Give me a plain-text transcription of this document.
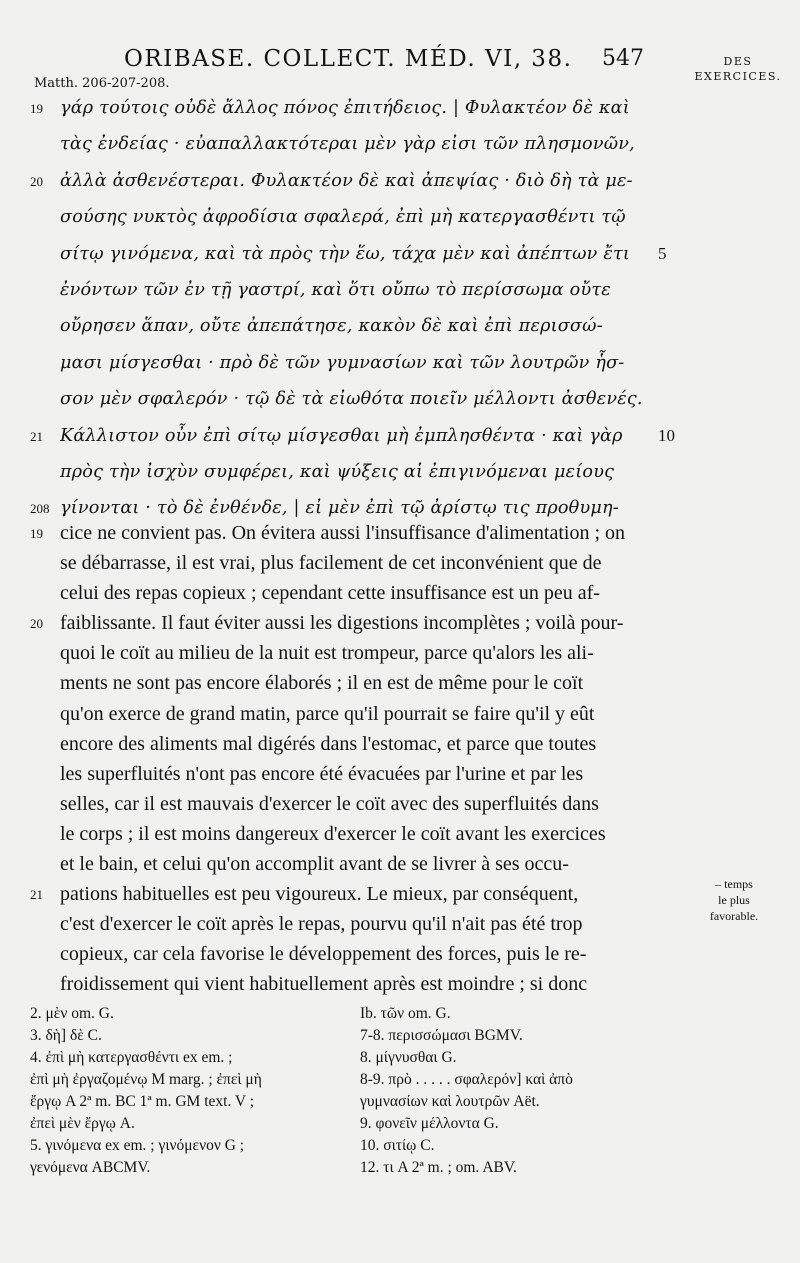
ORIBASE. COLLECT. MÉD. VI, 38. 547
Matth. 206-207-208.
DES
EXERCICES.
γάρ τούτοις οὐδὲ ἄλλος πόνος ἐπιτήδειος. | Φυλακτέον δὲ καὶ
τὰς ἐνδείας · εὐαπαλλακτότεραι μὲν γὰρ εἰσι τῶν πλησμονῶν,
ἀλλὰ ἀσθενέστεραι. Φυλακτέον δὲ καὶ ἀπεψίας · διὸ δὴ τὰ με-
σούσης νυκτὸς ἀφροδίσια σφαλερά, ἐπὶ μὴ κατεργασθέντι τῷ
σίτῳ γινόμενα, καὶ τὰ πρὸς τὴν ἕω, τάχα μὲν καὶ ἀπέπτων ἔτι
ἐνόντων τῶν ἐν τῇ γαστρί, καὶ ὅτι οὔπω τὸ περίσσωμα οὔτε
οὔρησεν ἅπαν, οὔτε ἀπεπάτησε, κακὸν δὲ καὶ ἐπὶ περισσώ-
μασι μίσγεσθαι · πρὸ δὲ τῶν γυμνασίων καὶ τῶν λουτρῶν ἧσ-
σον μὲν σφαλερόν · τῷ δὲ τὰ εἰωθότα ποιεῖν μέλλοντι ἀσθενές.
Κάλλιστον οὖν ἐπὶ σίτῳ μίσγεσθαι μὴ ἐμπλησθέντα · καὶ γὰρ
πρὸς τὴν ἰσχὺν συμφέρει, καὶ ψύξεις αἱ ἐπιγινόμεναι μείους
γίνονται · τὸ δὲ ἐνθένδε, | εἰ μὲν ἐπὶ τῷ ἀρίστῳ τις προθυμη-
cice ne convient pas. On évitera aussi l'insuffisance d'alimentation ; on
se débarrasse, il est vrai, plus facilement de cet inconvénient que de
celui des repas copieux ; cependant cette insuffisance est un peu af-
faiblissante. Il faut éviter aussi les digestions incomplètes ; voilà pour-
quoi le coït au milieu de la nuit est trompeur, parce qu'alors les ali-
ments ne sont pas encore élaborés ; il en est de même pour le coït
qu'on exerce de grand matin, parce qu'il pourrait se faire qu'il y eût
encore des aliments mal digérés dans l'estomac, et parce que toutes
les superfluités n'ont pas encore été évacuées par l'urine et par les
selles, car il est mauvais d'exercer le coït avec des superfluités dans
le corps ; il est moins dangereux d'exercer le coït avant les exercices
et le bain, et celui qu'on accomplit avant de se livrer à ses occu-
pations habituelles est peu vigoureux. Le mieux, par conséquent,
c'est d'exercer le coït après le repas, pourvu qu'il n'ait pas été trop
copieux, car cela favorise le développement des forces, puis le re-
froidissement qui vient habituellement après est moindre ; si donc
– temps
le plus
favorable.
2. μὲν om. G.
3. δὴ] δὲ C.
4. ἐπὶ μὴ κατεργασθέντι ex em. ;
ἐπὶ μὴ ἐργαζομένῳ M marg. ; ἐπεὶ μὴ
ἔργῳ A 2ª m. BC 1ª m. GM text. V ;
ἐπεὶ μὲν ἔργῳ A.
5. γινόμενα ex em. ; γινόμενον G ;
γενόμενα ABCMV.
Ib. τῶν om. G.
7-8. περισσώμασι BGMV.
8. μίγνυσθαι G.
8-9. πρὸ . . . . . σφαλερόν] καὶ ἀπὸ
γυμνασίων καὶ λουτρῶν Aët.
9. φονεῖν μέλλοντα G.
10. σιτίῳ C.
12. τι A 2ª m. ; om. ABV.
19
20
21
208
5
10
19
20
21
